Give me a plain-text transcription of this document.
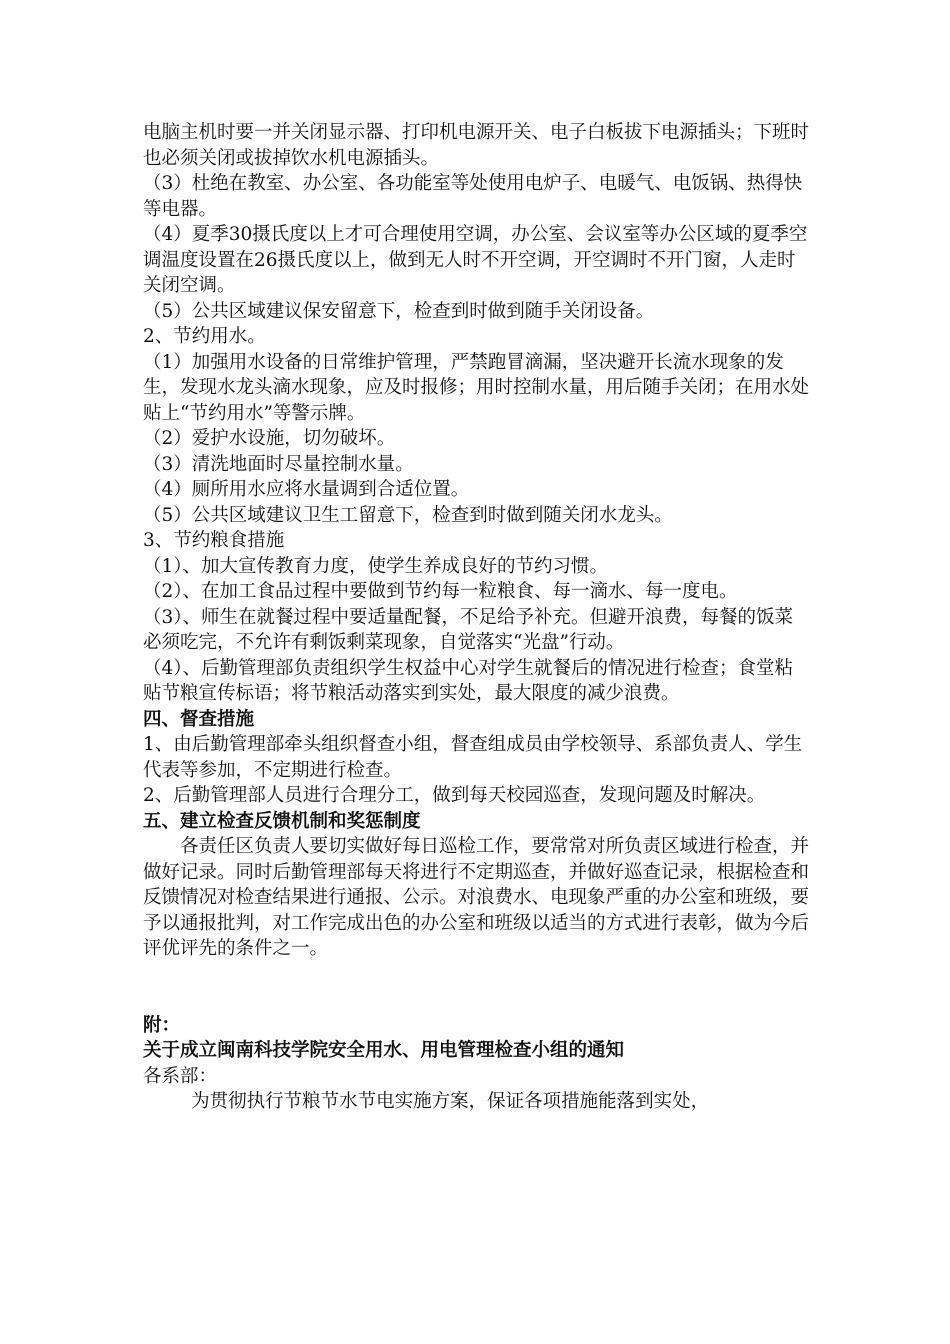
电脑主机时要一并关闭显示器、打印机电源开关、电子白板拔下电源插头；下班时也必须关闭或拔掉饮水机电源插头。

（3）杜绝在教室、办公室、各功能室等处使用电炉子、电暖气、电饭锅、热得快等电器。

（4）夏季30摄氏度以上才可合理使用空调，办公室、会议室等办公区域的夏季空调温度设置在26摄氏度以上，做到无人时不开空调，开空调时不开门窗，人走时关闭空调。

（5）公共区域建议保安留意下，检查到时做到随手关闭设备。

2、节约用水。

（1）加强用水设备的日常维护管理，严禁跑冒滴漏，坚决避开长流水现象的发生，发现水龙头滴水现象，应及时报修；用时控制水量，用后随手关闭；在用水处贴上“节约用水”等警示牌。

（2）爱护水设施，切勿破坏。

（3）清洗地面时尽量控制水量。

（4）厕所用水应将水量调到合适位置。

（5）公共区域建议卫生工留意下，检查到时做到随关闭水龙头。

3、节约粮食措施

（1）、加大宣传教育力度，使学生养成良好的节约习惯。

（2）、在加工食品过程中要做到节约每一粒粮食、每一滴水、每一度电。

（3）、师生在就餐过程中要适量配餐，不足给予补充。但避开浪费，每餐的饭菜必须吃完，不允许有剩饭剩菜现象，自觉落实“光盘”行动。

（4）、后勤管理部负责组织学生权益中心对学生就餐后的情况进行检查；食堂粘贴节粮宣传标语；将节粮活动落实到实处，最大限度的减少浪费。

四、督查措施

1、由后勤管理部牵头组织督查小组，督查组成员由学校领导、系部负责人、学生代表等参加，不定期进行检查。

2、后勤管理部人员进行合理分工，做到每天校园巡查，发现问题及时解决。

五、建立检查反馈机制和奖惩制度

各责任区负责人要切实做好每日巡检工作，要常常对所负责区域进行检查，并做好记录。同时后勤管理部每天将进行不定期巡查，并做好巡查记录，根据检查和反馈情况对检查结果进行通报、公示。对浪费水、电现象严重的办公室和班级，要予以通报批判，对工作完成出色的办公室和班级以适当的方式进行表彰，做为今后评优评先的条件之一。

附：

关于成立闽南科技学院安全用水、用电管理检查小组的通知

各系部：

为贯彻执行节粮节水节电实施方案，保证各项措施能落到实处，
